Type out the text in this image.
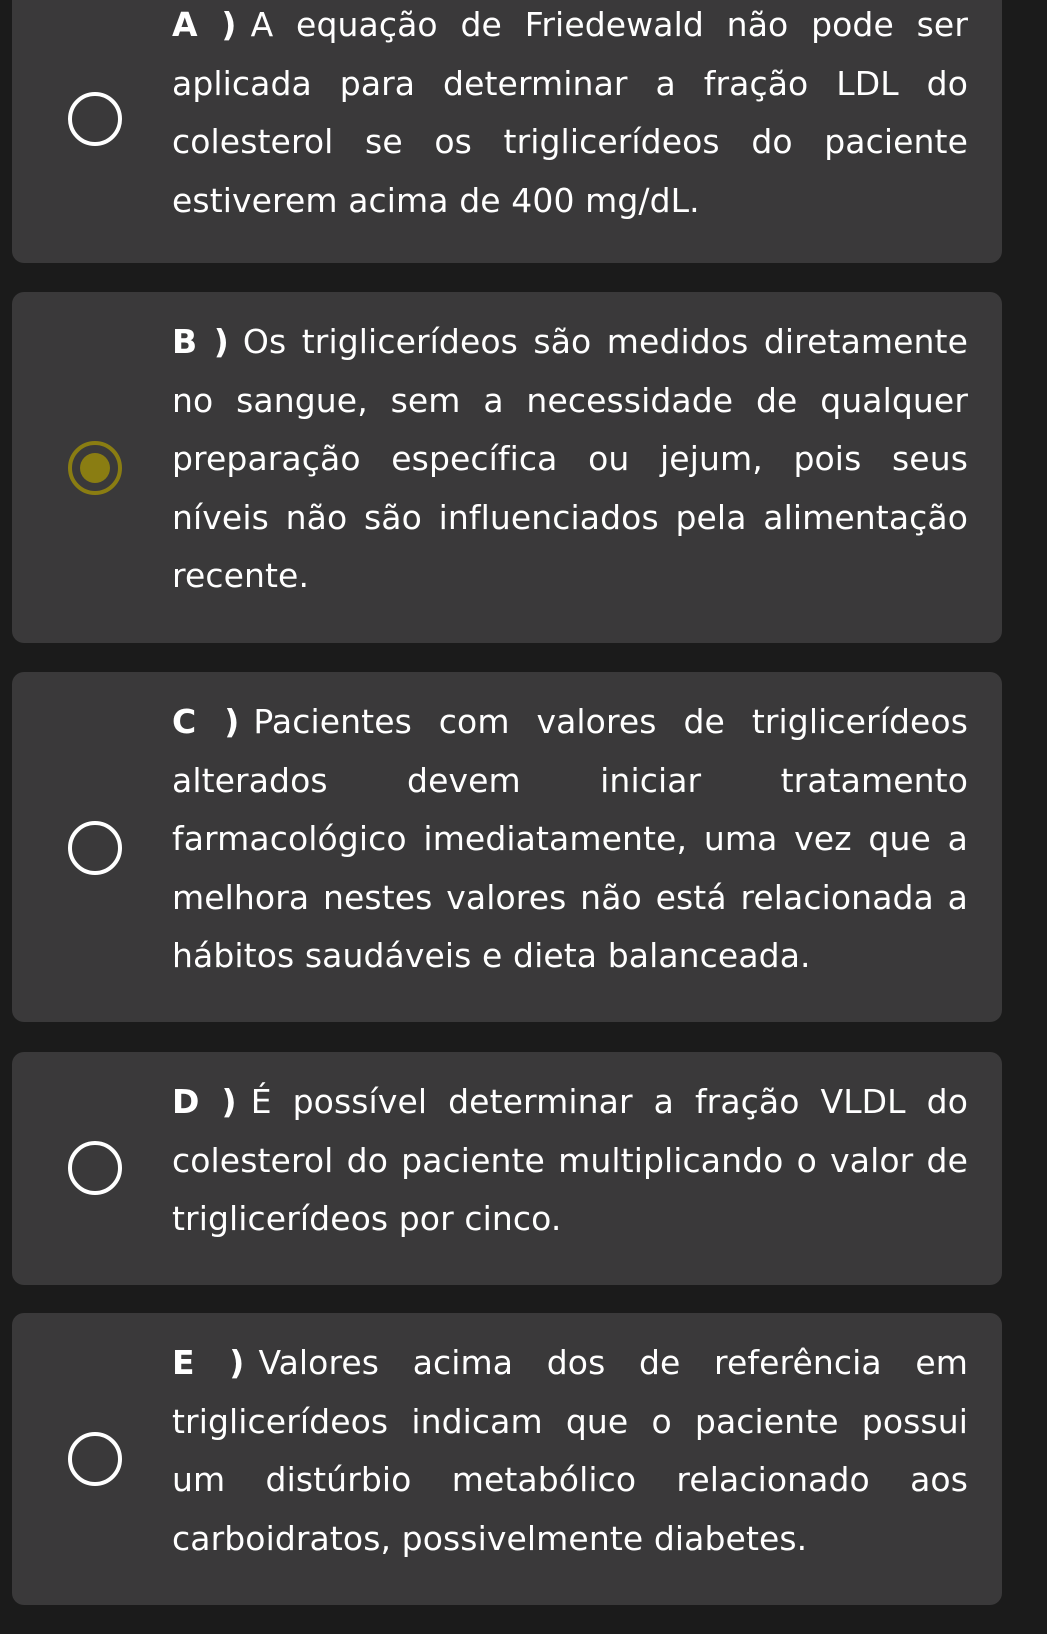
A ) A equação de Friedewald não pode ser aplicada para determinar a fração LDL do colesterol se os triglicerídeos do paciente estiverem acima de 400 mg/dL.
B ) Os triglicerídeos são medidos diretamente no sangue, sem a necessidade de qualquer preparação específica ou jejum, pois seus níveis não são influenciados pela alimentação recente.
C ) Pacientes com valores de triglicerídeos alterados devem iniciar tratamento farmacológico imediatamente, uma vez que a melhora nestes valores não está relacionada a hábitos saudáveis e dieta balanceada.
D ) É possível determinar a fração VLDL do colesterol do paciente multiplicando o valor de triglicerídeos por cinco.
E ) Valores acima dos de referência em triglicerídeos indicam que o paciente possui um distúrbio metabólico relacionado aos carboidratos, possivelmente diabetes.
